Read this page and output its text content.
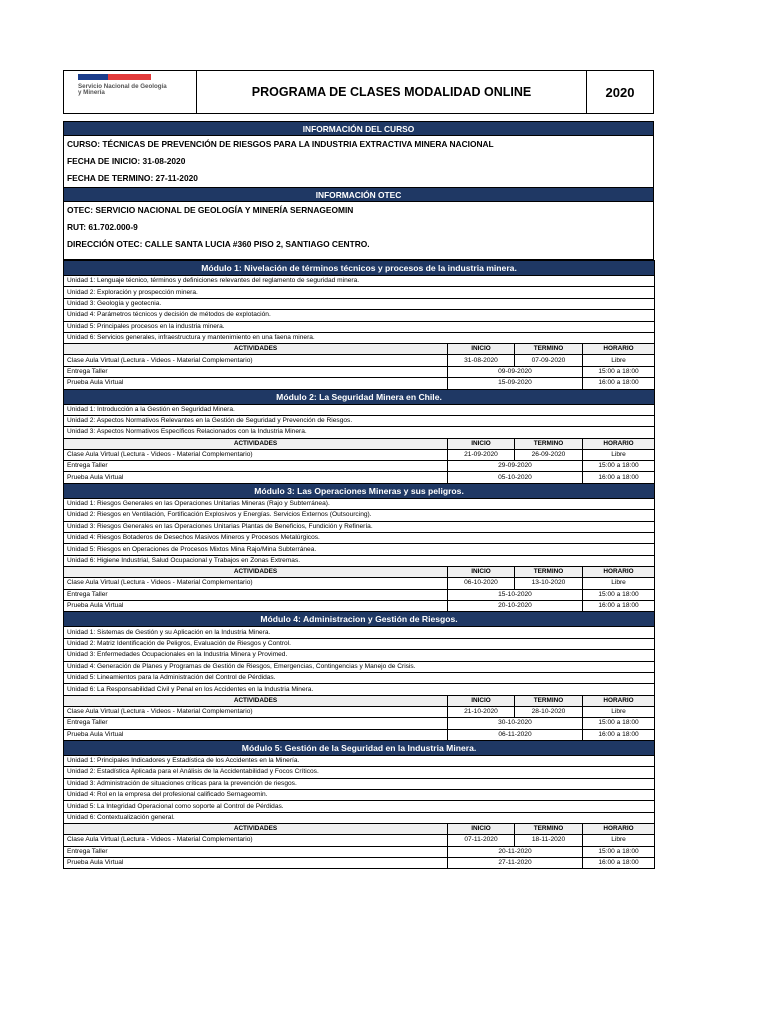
Servicio Nacional de Geología y Minería	PROGRAMA DE CLASES MODALIDAD ONLINE	2020
INFORMACIÓN DEL CURSO
CURSO: TÉCNICAS DE PREVENCIÓN DE RIESGOS PARA LA INDUSTRIA EXTRACTIVA MINERA NACIONAL
FECHA DE INICIO: 31-08-2020
FECHA DE TERMINO: 27-11-2020
INFORMACIÓN OTEC
OTEC: SERVICIO NACIONAL DE GEOLOGÍA Y MINERÍA SERNAGEOMIN
RUT: 61.702.000-9
DIRECCIÓN OTEC: CALLE SANTA LUCIA #360 PISO 2, SANTIAGO CENTRO.

Módulo 1: Nivelación de términos técnicos y procesos de la industria minera.			
Unidad 1: Lenguaje técnico, términos y definiciones relevantes del reglamento de seguridad minera.			
Unidad 2: Exploración y prospección minera.			
Unidad 3: Geología y geotecnia.			
Unidad 4: Parámetros técnicos y decisión de métodos de explotación.			
Unidad 5: Principales procesos en la industria minera.			
Unidad 6: Servicios generales, infraestructura y mantenimiento en una faena minera.			
ACTIVIDADES	INICIO	TERMINO	HORARIO
Clase Aula Virtual (Lectura - Videos - Material Complementario)	31-08-2020	07-09-2020	Libre
Entrega Taller	09-09-2020		15:00 a 18:00
Prueba Aula Virtual	15-09-2020		16:00 a 18:00
Módulo 2: La Seguridad Minera en Chile.			
Unidad 1: Introducción a la Gestión en Seguridad Minera.			
Unidad 2: Aspectos Normativos Relevantes en la Gestión de Seguridad y Prevención de Riesgos.			
Unidad 3: Aspectos Normativos Específicos Relacionados con la Industria Minera.			
ACTIVIDADES	INICIO	TERMINO	HORARIO
Clase Aula Virtual (Lectura - Videos - Material Complementario)	21-09-2020	26-09-2020	Libre
Entrega Taller	29-09-2020		15:00 a 18:00
Prueba Aula Virtual	05-10-2020		16:00 a 18:00
Módulo 3: Las Operaciones Mineras y sus peligros.			
Unidad 1: Riesgos Generales en las Operaciones Unitarias Mineras (Rajo y Subterránea).			
Unidad 2: Riesgos en Ventilación, Fortificación Explosivos y Energías. Servicios Externos (Outsourcing).			
Unidad 3: Riesgos Generales en las Operaciones Unitarias Plantas de Beneficios, Fundición y Refinería.			
Unidad 4: Riesgos Botaderos de Desechos Masivos Mineros y Procesos Metalúrgicos.			
Unidad 5: Riesgos en Operaciones de Procesos Mixtos Mina Rajo/Mina Subterránea.			
Unidad 6: Higiene Industrial, Salud Ocupacional y Trabajos en Zonas Extremas.			
ACTIVIDADES	INICIO	TERMINO	HORARIO
Clase Aula Virtual (Lectura - Videos - Material Complementario)	06-10-2020	13-10-2020	Libre
Entrega Taller	15-10-2020		15:00 a 18:00
Prueba Aula Virtual	20-10-2020		16:00 a 18:00
Módulo 4: Administracion y Gestión de Riesgos.			
Unidad 1: Sistemas de Gestión y su Aplicación en la Industria Minera.			
Unidad 2: Matriz Identificación de Peligros, Evaluación de Riesgos y Control.			
Unidad 3: Enfermedades Ocupacionales en la Industria Minera y Provimed.			
Unidad 4: Generación de Planes y Programas de Gestión de Riesgos, Emergencias, Contingencias y Manejo de Crisis.			
Unidad 5: Lineamientos para la Administración del Control de Pérdidas.			
Unidad 6: La Responsabilidad Civil y Penal en los Accidentes en la Industria Minera.			
ACTIVIDADES	INICIO	TERMINO	HORARIO
Clase Aula Virtual (Lectura - Videos - Material Complementario)	21-10-2020	28-10-2020	Libre
Entrega Taller	30-10-2020		15:00 a 18:00
Prueba Aula Virtual	06-11-2020		16:00 a 18:00
Módulo 5: Gestión de la Seguridad en la Industria Minera.			
Unidad 1: Principales Indicadores y Estadística de los Accidentes en la Minería.			
Unidad 2: Estadística Aplicada para el Análisis de la Accidentabilidad y Focos Críticos.			
Unidad 3: Administración de situaciones críticas para la prevención de riesgos.			
Unidad 4: Rol en la empresa del profesional calificado Sernageomin.			
Unidad 5: La Integridad Operacional como soporte al Control de Pérdidas.			
Unidad 6: Contextualización general.			
ACTIVIDADES	INICIO	TERMINO	HORARIO
Clase Aula Virtual (Lectura - Videos - Material Complementario)	07-11-2020	18-11-2020	Libre
Entrega Taller	20-11-2020		15:00 a 18:00
Prueba Aula Virtual	27-11-2020		16:00 a 18:00
